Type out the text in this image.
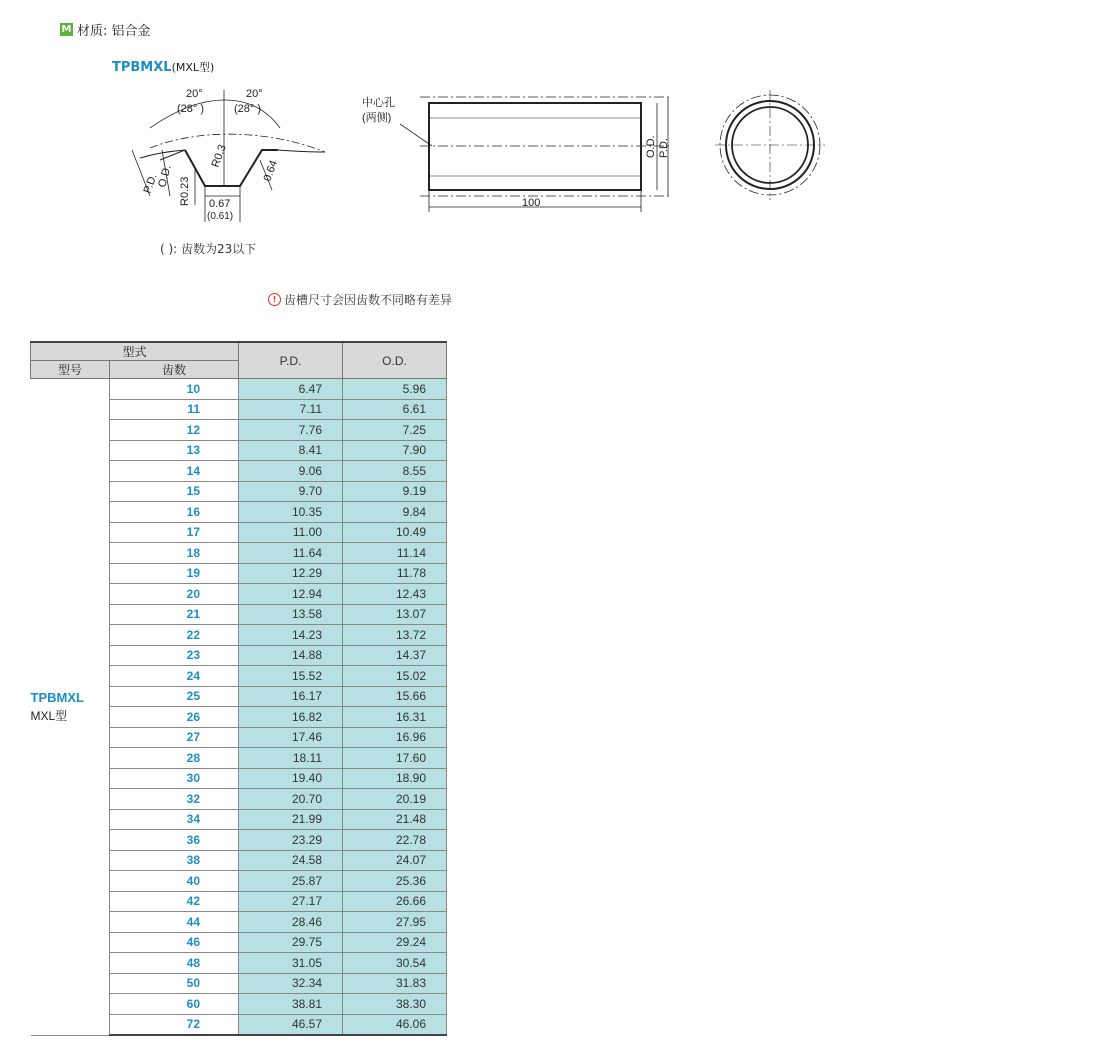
M 材质: 铝合金
TPBMXL(MXL型)
20°
(28° )
20°
(28° )
R0.3
R0.23
O.D.
P.D.
0.64
0.67
(0.61)
中心孔
(两侧)
100
O.D. P.D.
( ): 齿数为23以下
! 齿槽尺寸会因齿数不同略有差异
型式		P.D.	O.D.
型号	齿数		

TPBMXL
MXL型	10	6.47	5.96
	11	7.11	6.61
	12	7.76	7.25
	13	8.41	7.90
	14	9.06	8.55
	15	9.70	9.19
	16	10.35	9.84
	17	11.00	10.49
	18	11.64	11.14
	19	12.29	11.78
	20	12.94	12.43
	21	13.58	13.07
	22	14.23	13.72
	23	14.88	14.37
	24	15.52	15.02
	25	16.17	15.66
	26	16.82	16.31
	27	17.46	16.96
	28	18.11	17.60
	30	19.40	18.90
	32	20.70	20.19
	34	21.99	21.48
	36	23.29	22.78
	38	24.58	24.07
	40	25.87	25.36
	42	27.17	26.66
	44	28.46	27.95
	46	29.75	29.24
	48	31.05	30.54
	50	32.34	31.83
	60	38.81	38.30
	72	46.57	46.06
